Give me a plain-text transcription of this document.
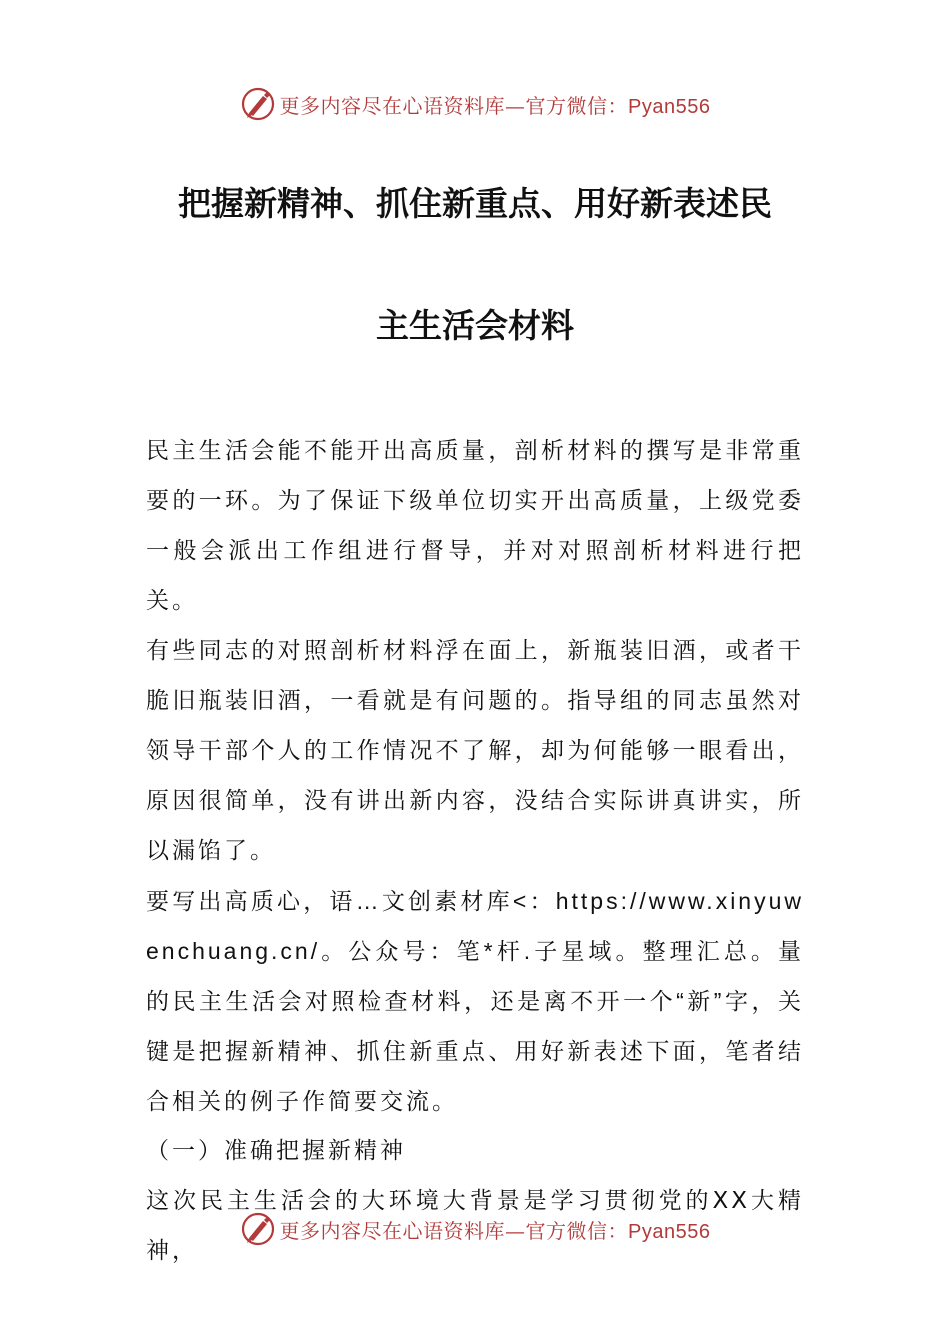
更多内容尽在心语资料库—官方微信：Pyan556
把握新精神、抓住新重点、用好新表述民
主生活会材料

民主生活会能不能开出高质量，剖析材料的撰写是非常重要的一环。为了保证下级单位切实开出高质量，上级党委一般会派出工作组进行督导，并对对照剖析材料进行把关。

有些同志的对照剖析材料浮在面上，新瓶装旧酒，或者干脆旧瓶装旧酒，一看就是有问题的。指导组的同志虽然对领导干部个人的工作情况不了解，却为何能够一眼看出，原因很简单，没有讲出新内容，没结合实际讲真讲实，所以漏馅了。

要写出高质心，语…文创素材库<：https://www.xinyuwenchuang.cn/。公众号：笔*杆.子星域。整理汇总。量的民主生活会对照检查材料，还是离不开一个“新”字，关键是把握新精神、抓住新重点、用好新表述下面，笔者结合相关的例子作简要交流。

（一）准确把握新精神

这次民主生活会的大环境大背景是学习贯彻党的XX大精神，

更多内容尽在心语资料库—官方微信：Pyan556
